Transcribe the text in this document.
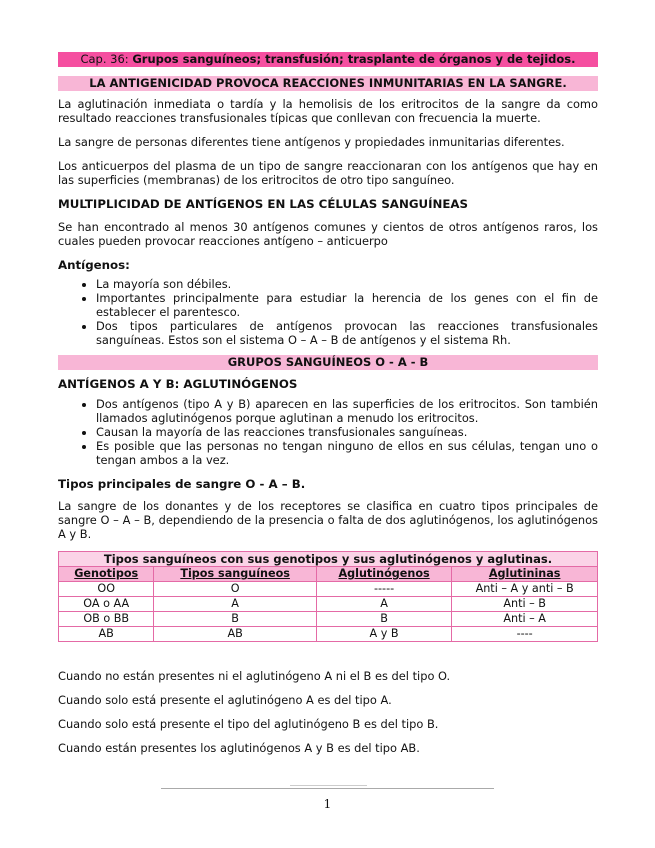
Cap. 36: Grupos sanguíneos; transfusión; trasplante de órganos y de tejidos.
LA ANTIGENICIDAD PROVOCA REACCIONES INMUNITARIAS EN LA SANGRE.

La aglutinación inmediata o tardía y la hemolisis de los eritrocitos de la sangre da como resultado reacciones transfusionales típicas que conllevan con frecuencia la muerte.

La sangre de personas diferentes tiene antígenos y propiedades inmunitarias diferentes.

Los anticuerpos del plasma de un tipo de sangre reaccionaran con los antígenos que hay en las superficies (membranas) de los eritrocitos de otro tipo sanguíneo.

MULTIPLICIDAD DE ANTÍGENOS EN LAS CÉLULAS SANGUÍNEAS

Se han encontrado al menos 30 antígenos comunes y cientos de otros antígenos raros, los cuales pueden provocar reacciones antígeno – anticuerpo

Antígenos:
• La mayoría son débiles.
• Importantes principalmente para estudiar la herencia de los genes con el fin de establecer el parentesco.
• Dos tipos particulares de antígenos provocan las reacciones transfusionales sanguíneas. Estos son el sistema O – A – B de antígenos y el sistema Rh.
GRUPOS SANGUÍNEOS O - A - B
ANTÍGENOS A Y B: AGLUTINÓGENOS
• Dos antígenos (tipo A y B) aparecen en las superficies de los eritrocitos. Son también llamados aglutinógenos porque aglutinan a menudo los eritrocitos.
• Causan la mayoría de las reacciones transfusionales sanguíneas.
• Es posible que las personas no tengan ninguno de ellos en sus células, tengan uno o tengan ambos a la vez.
Tipos principales de sangre O - A – B.

La sangre de los donantes y de los receptores se clasifica en cuatro tipos principales de sangre O – A – B, dependiendo de la presencia o falta de dos aglutinógenos, los aglutinógenos A y B.

Tipos sanguíneos con sus genotipos y sus aglutinógenos y aglutinas.			
Genotipos	Tipos sanguíneos	Aglutinógenos	Aglutininas
OO	O	-----	Anti – A y anti – B
OA o AA	A	A	Anti – B
OB o BB	B	B	Anti – A
AB	AB	A y B	----

Cuando no están presentes ni el aglutinógeno A ni el B es del tipo O.

Cuando solo está presente el aglutinógeno A es del tipo A.

Cuando solo está presente el tipo del aglutinógeno B es del tipo B.

Cuando están presentes los aglutinógenos A y B es del tipo AB.

1
